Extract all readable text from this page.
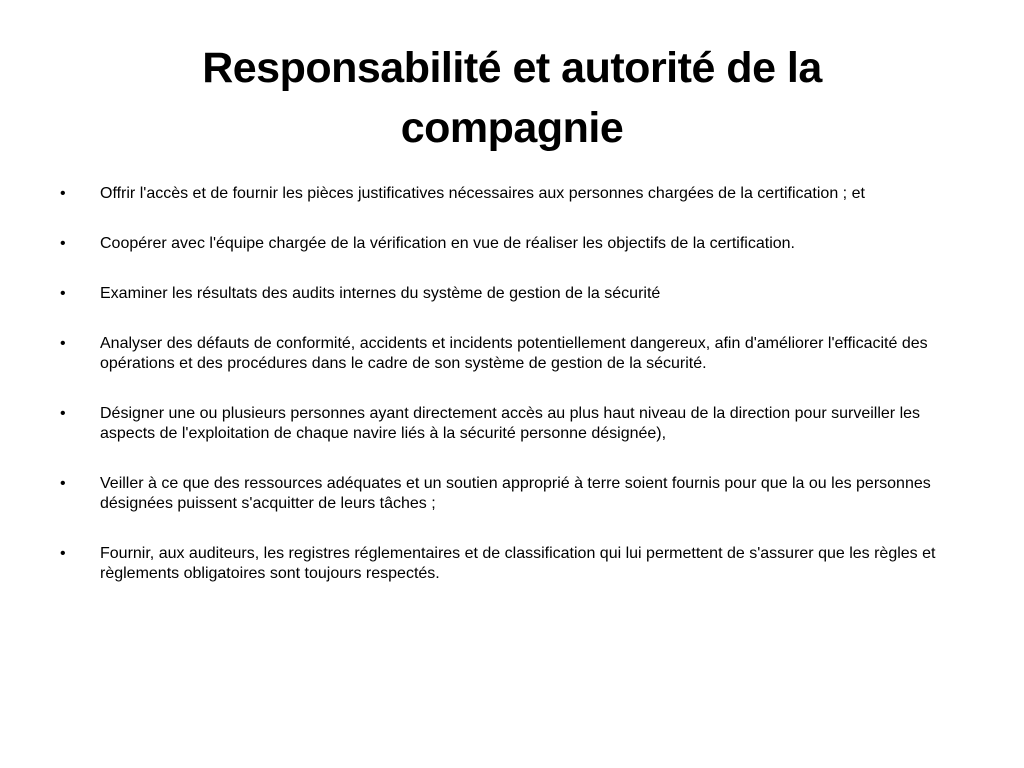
Responsabilité et autorité de la compagnie
•	Offrir l'accès et de fournir les pièces justificatives nécessaires aux personnes chargées de la certification ; et
•	Coopérer avec l'équipe chargée de la vérification en vue de réaliser les objectifs de la certification.
•	Examiner les résultats des audits internes du système de gestion de la sécurité
•	Analyser des défauts de conformité, accidents et incidents potentiellement dangereux, afin d'améliorer l'efficacité des opérations et des procédures dans le cadre de son système de gestion de la sécurité.
•	Désigner une ou plusieurs personnes ayant directement accès au plus haut niveau de la direction pour surveiller les aspects de l'exploitation de chaque navire liés à la sécurité personne désignée),
•	Veiller à ce que des ressources adéquates et un soutien approprié à terre soient fournis pour que la ou les personnes désignées puissent s'acquitter de leurs tâches ;
•	Fournir, aux auditeurs, les registres réglementaires et de classification qui lui permettent de s'assurer que les règles et règlements obligatoires sont toujours respectés.
